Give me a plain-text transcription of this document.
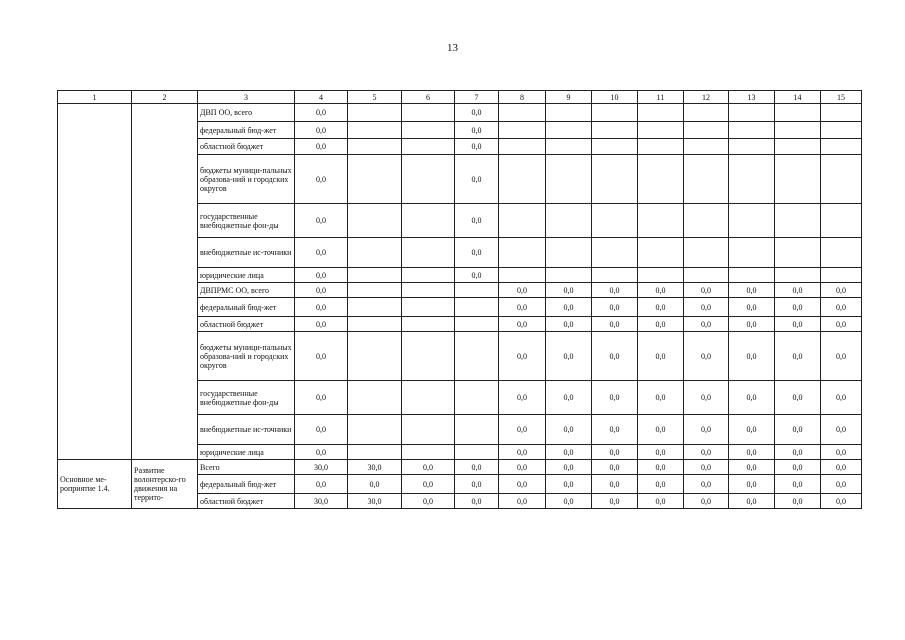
13
1	2	3	4	5	6	7	8	9	10	11	12	13	14	15
		ДВП ОО, всего	0,0			0,0								
		федеральный бюд-жет	0,0			0,0								
		областной бюджет	0,0			0,0								
		бюджеты муници-пальных образова-ний и городских округов	0,0			0,0								
		государственные внебюджетные фон-ды	0,0			0,0								
		внебюджетные ис-точники	0,0			0,0								
		юридические лица	0,0			0,0								
		ДВПРМС ОО, всего	0,0				0,0	0,0	0,0	0,0	0,0	0,0	0,0	0,0
		федеральный бюд-жет	0,0				0,0	0,0	0,0	0,0	0,0	0,0	0,0	0,0
		областной бюджет	0,0				0,0	0,0	0,0	0,0	0,0	0,0	0,0	0,0
		бюджеты муници-пальных образова-ний и городских округов	0,0				0,0	0,0	0,0	0,0	0,0	0,0	0,0	0,0
		государственные внебюджетные фон-ды	0,0				0,0	0,0	0,0	0,0	0,0	0,0	0,0	0,0
		внебюджетные ис-точники	0,0				0,0	0,0	0,0	0,0	0,0	0,0	0,0	0,0
		юридические лица	0,0				0,0	0,0	0,0	0,0	0,0	0,0	0,0	0,0
Основное ме-роприятие 1.4.	Развитие волонтерско-го движения на террито-	Всего	30,0	30,0	0,0	0,0	0,0	0,0	0,0	0,0	0,0	0,0	0,0	0,0
		федеральный бюд-жет	0,0	0,0	0,0	0,0	0,0	0,0	0,0	0,0	0,0	0,0	0,0	0,0
		областной бюджет	30,0	30,0	0,0	0,0	0,0	0,0	0,0	0,0	0,0	0,0	0,0	0,0
